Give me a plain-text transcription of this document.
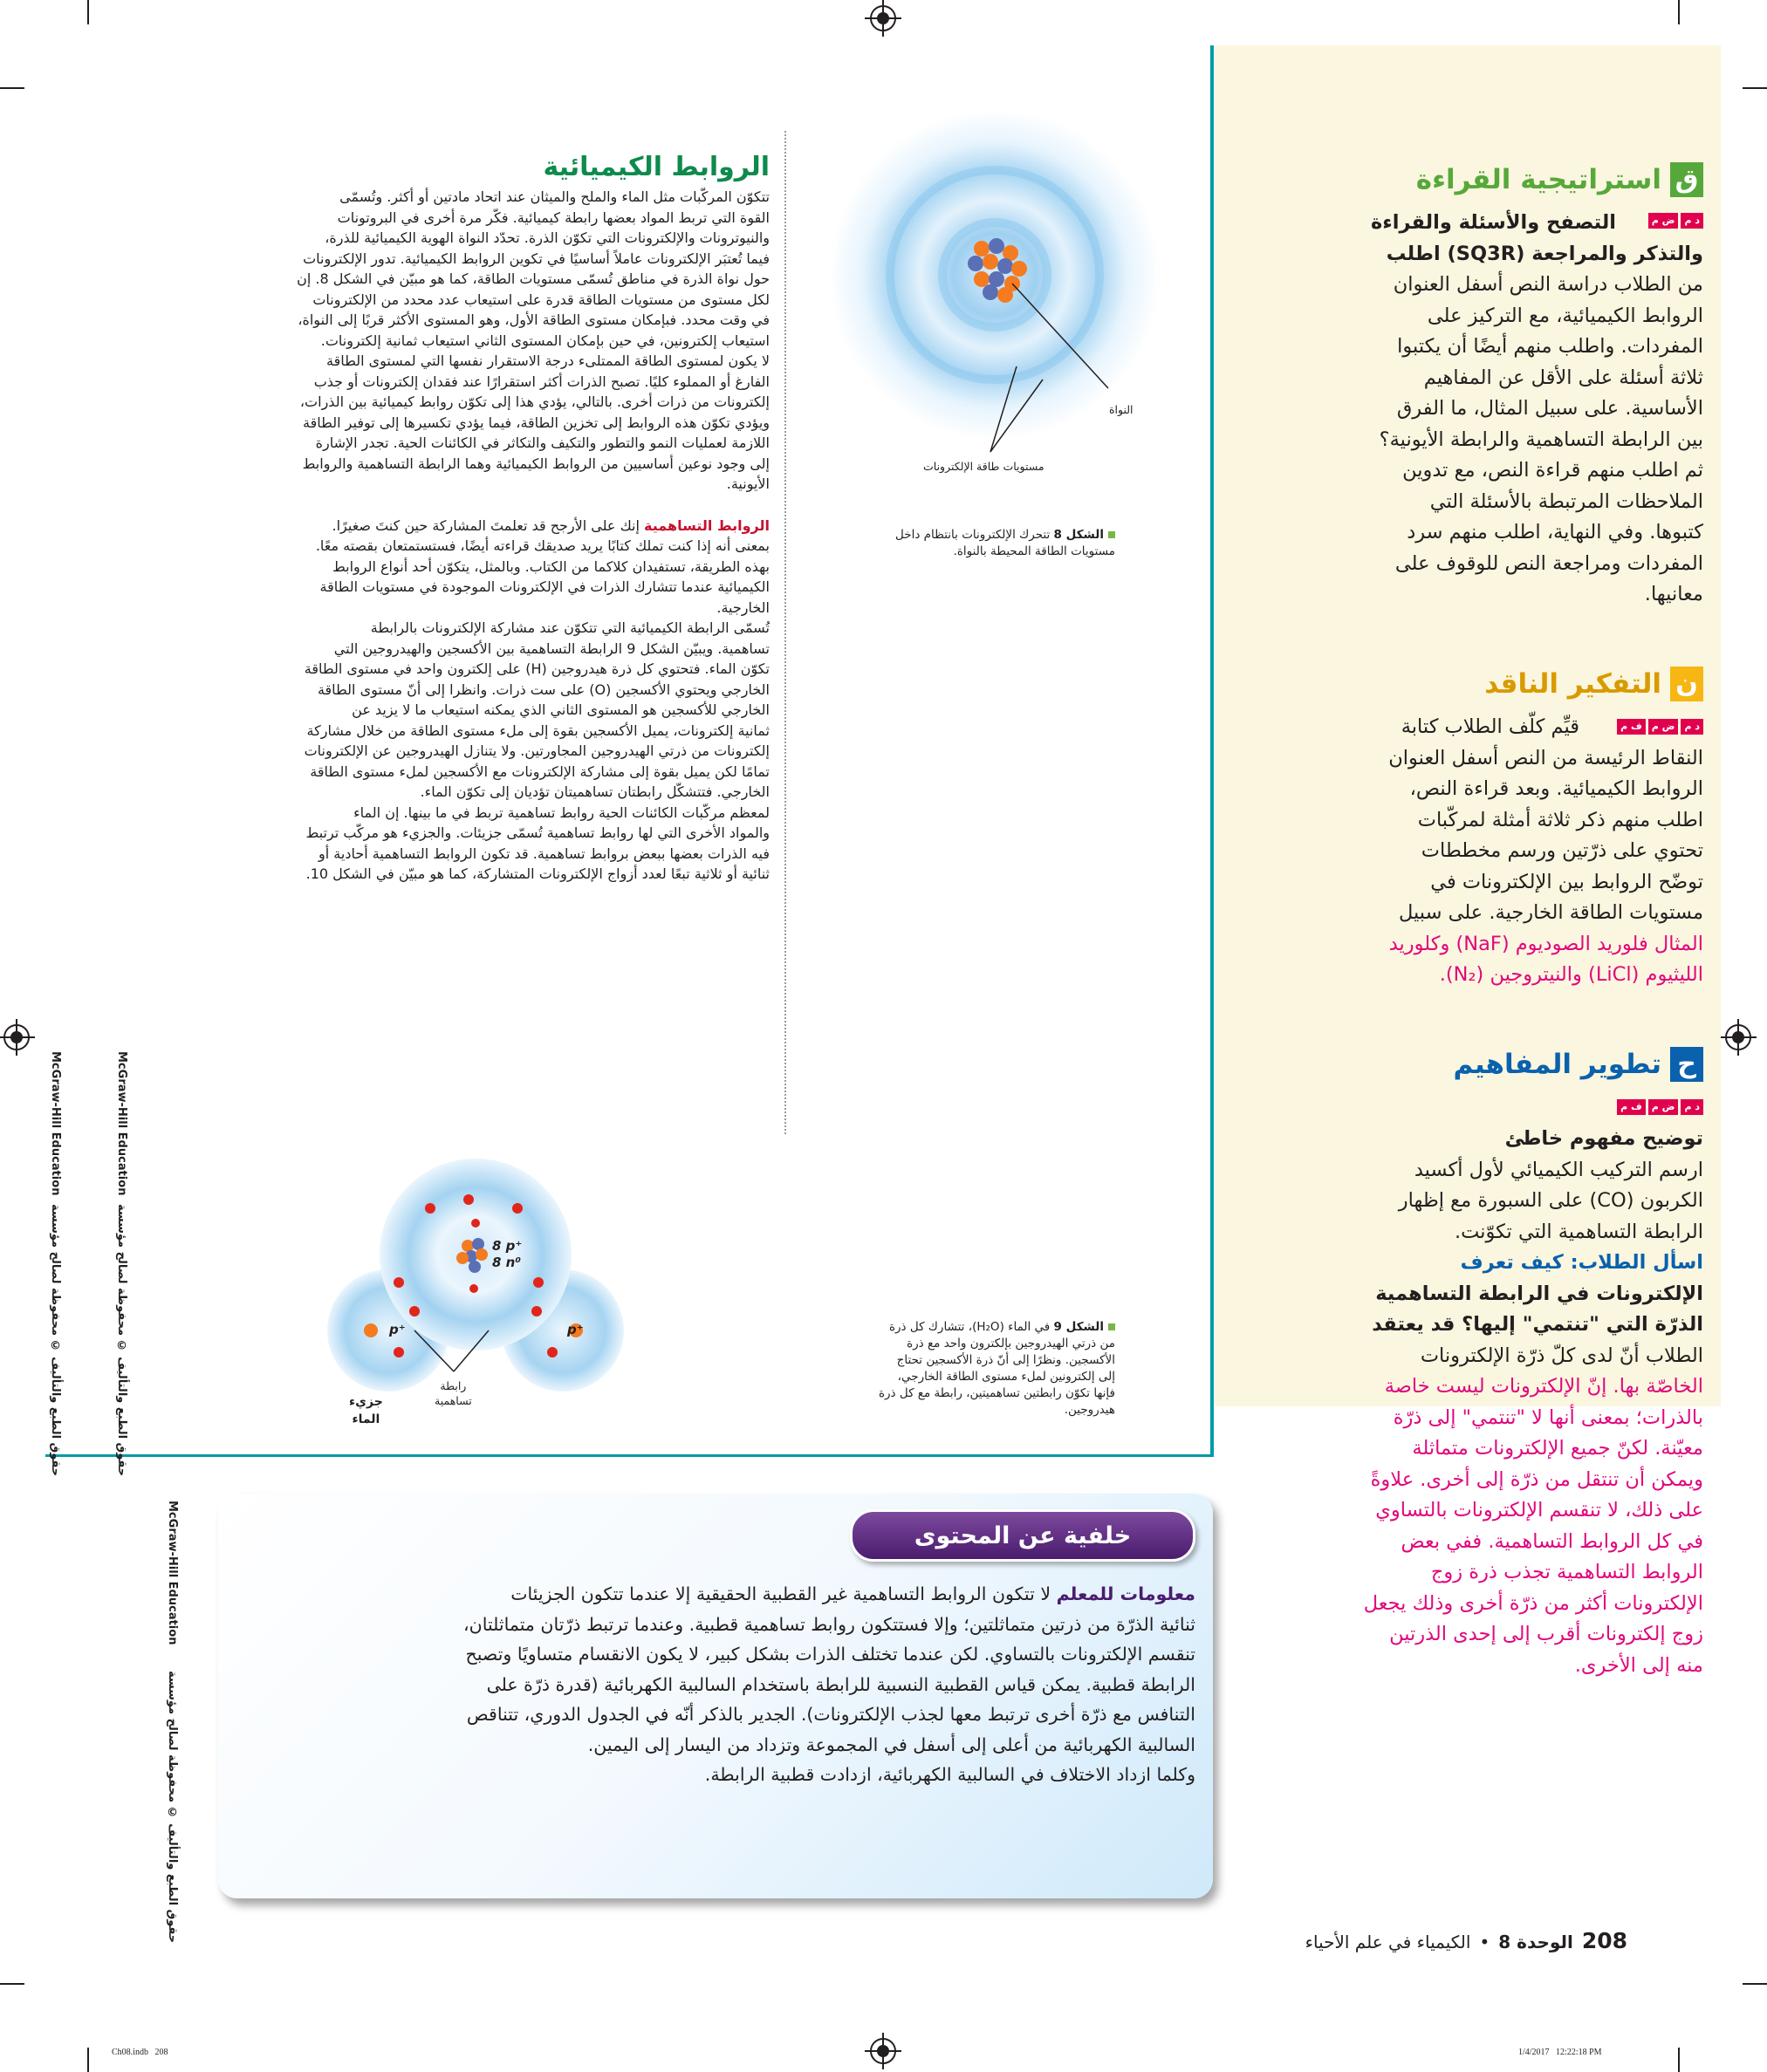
ق
استراتيجية القراءة
د م
ض م
التصفح والأسئلة والقراءة
والتذكر والمراجعة (SQ3R) اطلب
من الطلاب دراسة النص أسفل العنوان
الروابط الكيميائية، مع التركيز على
المفردات. واطلب منهم أيضًا أن يكتبوا
ثلاثة أسئلة على الأقل عن المفاهيم
الأساسية. على سبيل المثال، ما الفرق
بين الرابطة التساهمية والرابطة الأيونية؟
ثم اطلب منهم قراءة النص، مع تدوين
الملاحظات المرتبطة بالأسئلة التي
كتبوها. وفي النهاية، اطلب منهم سرد
المفردات ومراجعة النص للوقوف على
معانيها.
ن
التفكير الناقد
د م
ض م
ف م
قيِّم كلّف الطلاب كتابة
النقاط الرئيسة من النص أسفل العنوان
الروابط الكيميائية. وبعد قراءة النص،
اطلب منهم ذكر ثلاثة أمثلة لمركّبات
تحتوي على ذرّتين ورسم مخططات
توضّح الروابط بين الإلكترونات في
مستويات الطاقة الخارجية. على سبيل
المثال فلوريد الصوديوم (NaF) وكلوريد
الليثيوم (LiCl) والنيتروجين (N₂).
ح
تطوير المفاهيم
د م
ض م
ف م
توضيح مفهوم خاطئ
ارسم التركيب الكيميائي لأول أكسيد
الكربون (CO) على السبورة مع إظهار
الرابطة التساهمية التي تكوّنت.
اسأل الطلاب: كيف تعرف
الإلكترونات في الرابطة التساهمية
الذرّة التي "تنتمي" إليها؟ قد يعتقد
الطلاب أنّ لدى كلّ ذرّة الإلكترونات
الخاصّة بها. إنّ الإلكترونات ليست خاصة
بالذرات؛ بمعنى أنها لا "تنتمي" إلى ذرّة
معيّنة. لكنّ جميع الإلكترونات متماثلة
ويمكن أن تنتقل من ذرّة إلى أخرى. علاوةً
على ذلك، لا تنقسم الإلكترونات بالتساوي
في كل الروابط التساهمية. ففي بعض
الروابط التساهمية تجذب ذرة زوج
الإلكترونات أكثر من ذرّة أخرى وذلك يجعل
زوج إلكترونات أقرب إلى إحدى الذرتين
منه إلى الأخرى.
الروابط الكيميائية
تتكوّن المركّبات مثل الماء والملح والميثان عند اتحاد مادتين أو أكثر. وتُسمّى
القوة التي تربط المواد بعضها رابطة كيميائية. فكّر مرة أخرى في البروتونات
والنيوترونات والإلكترونات التي تكوّن الذرة. تحدّد النواة الهوية الكيميائية للذرة،
فيما تُعتبَر الإلكترونات عاملاً أساسيًا في تكوين الروابط الكيميائية. تدور الإلكترونات
حول نواة الذرة في مناطق تُسمّى مستويات الطاقة، كما هو مبيّن في الشكل 8. إن
لكل مستوى من مستويات الطاقة قدرة على استيعاب عدد محدد من الإلكترونات
في وقت محدد. فبإمكان مستوى الطاقة الأول، وهو المستوى الأكثر قربًا إلى النواة،
استيعاب إلكترونين، في حين بإمكان المستوى الثاني استيعاب ثمانية إلكترونات.
لا يكون لمستوى الطاقة الممتلىء درجة الاستقرار نفسها التي لمستوى الطاقة
الفارغ أو المملوء كليًا. تصبح الذرات أكثر استقرارًا عند فقدان إلكترونات أو جذب
إلكترونات من ذرات أخرى. بالتالي، يؤدي هذا إلى تكوّن روابط كيميائية بين الذرات،
ويؤدي تكوّن هذه الروابط إلى تخزين الطاقة، فيما يؤدي تكسيرها إلى توفير الطاقة
اللازمة لعمليات النمو والتطور والتكيف والتكاثر في الكائنات الحية. تجدر الإشارة
إلى وجود نوعين أساسيين من الروابط الكيميائية وهما الرابطة التساهمية والروابط
الأيونية.
الروابط التساهمية إنك على الأرجح قد تعلمتَ المشاركة حين كنتَ صغيرًا.
بمعنى أنه إذا كنت تملك كتابًا يريد صديقك قراءته أيضًا، فستستمتعان بقصته معًا.
بهذه الطريقة، تستفيدان كلاكما من الكتاب. وبالمثل، يتكوّن أحد أنواع الروابط
الكيميائية عندما تتشارك الذرات في الإلكترونات الموجودة في مستويات الطاقة
الخارجية.
تُسمّى الرابطة الكيميائية التي تتكوّن عند مشاركة الإلكترونات بالرابطة
تساهمية. ويبيّن الشكل 9 الرابطة التساهمية بين الأكسجين والهيدروجين التي
تكوّن الماء. فتحتوي كل ذرة هيدروجين (H) على إلكترون واحد في مستوى الطاقة
الخارجي ويحتوي الأكسجين (O) على ست ذرات. وانظرا إلى أنّ مستوى الطاقة
الخارجي للأكسجين هو المستوى الثاني الذي يمكنه استيعاب ما لا يزيد عن
ثمانية إلكترونات، يميل الأكسجين بقوة إلى ملء مستوى الطاقة من خلال مشاركة
إلكترونات من ذرتي الهيدروجين المجاورتين. ولا يتنازل الهيدروجين عن الإلكترونات
تمامًا لكن يميل بقوة إلى مشاركة الإلكترونات مع الأكسجين لملء مستوى الطاقة
الخارجي. فتتشكّل رابطتان تساهميتان تؤديان إلى تكوّن الماء.
لمعظم مركّبات الكائنات الحية روابط تساهمية تربط في ما بينها. إن الماء
والمواد الأخرى التي لها روابط تساهمية تُسمّى جزيئات. والجزيء هو مركّب ترتبط
فيه الذرات بعضها ببعض بروابط تساهمية. قد تكون الروابط التساهمية أحادية أو
ثنائية أو ثلاثية تبعًا لعدد أزواج الإلكترونات المتشاركة، كما هو مبيّن في الشكل 10.
النواة
مستويات طاقة الإلكترونات
الشكل 8 تتحرك الإلكترونات بانتظام داخل
مستويات الطاقة المحيطة بالنواة.
8 p⁺
8 n⁰
p⁺	p⁺
رابطة
تساهمية
جزيء
الماء
الشكل 9 في الماء (H₂O)، تتشارك كل ذرة
من ذرتي الهيدروجين بإلكترون واحد مع ذرة
الأكسجين. ونظرًا إلى أنّ ذرة الأكسجين تحتاج
إلى إلكترونين لملء مستوى الطاقة الخارجي،
فإنها تكوّن رابطتين تساهميتين، رابطة مع كل ذرة
هيدروجين.
McGraw-Hill Education
حقوق الطبع والتأليف © محفوظة لصالح مؤسسة
McGraw-Hill Education
حقوق الطبع والتأليف © محفوظة لصالح مؤسسة
McGraw-Hill Education
حقوق الطبع والتأليف © محفوظة لصالح مؤسسة
خلفية عن المحتوى
معلومات للمعلم لا تتكون الروابط التساهمية غير القطبية الحقيقية إلا عندما تتكون الجزيئات
ثنائية الذرّة من ذرتين متماثلتين؛ وإلا فستتكون روابط تساهمية قطبية. وعندما ترتبط ذرّتان متماثلتان،
تنقسم الإلكترونات بالتساوي. لكن عندما تختلف الذرات بشكل كبير، لا يكون الانقسام متساويًا وتصبح
الرابطة قطبية. يمكن قياس القطبية النسبية للرابطة باستخدام السالبية الكهربائية (قدرة ذرّة على
التنافس مع ذرّة أخرى ترتبط معها لجذب الإلكترونات). الجدير بالذكر أنّه في الجدول الدوري، تتناقص
السالبية الكهربائية من أعلى إلى أسفل في المجموعة وتزداد من اليسار إلى اليمين.
وكلما ازداد الاختلاف في السالبية الكهربائية، ازدادت قطبية الرابطة.
208
الوحدة 8
•
الكيمياء في علم الأحياء
Ch08.indb   208	1/4/2017   12:22:18 PM
